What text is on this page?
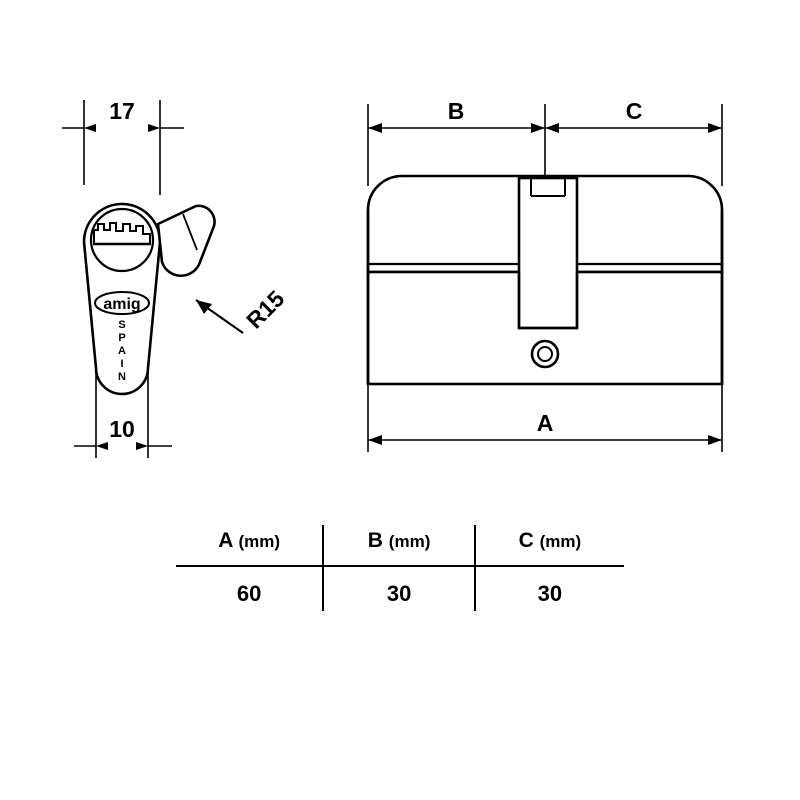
17
10
R15
amig
S
P
A
I
N
B	C
A
A (mm)	B (mm)	C (mm)
60	30	30
